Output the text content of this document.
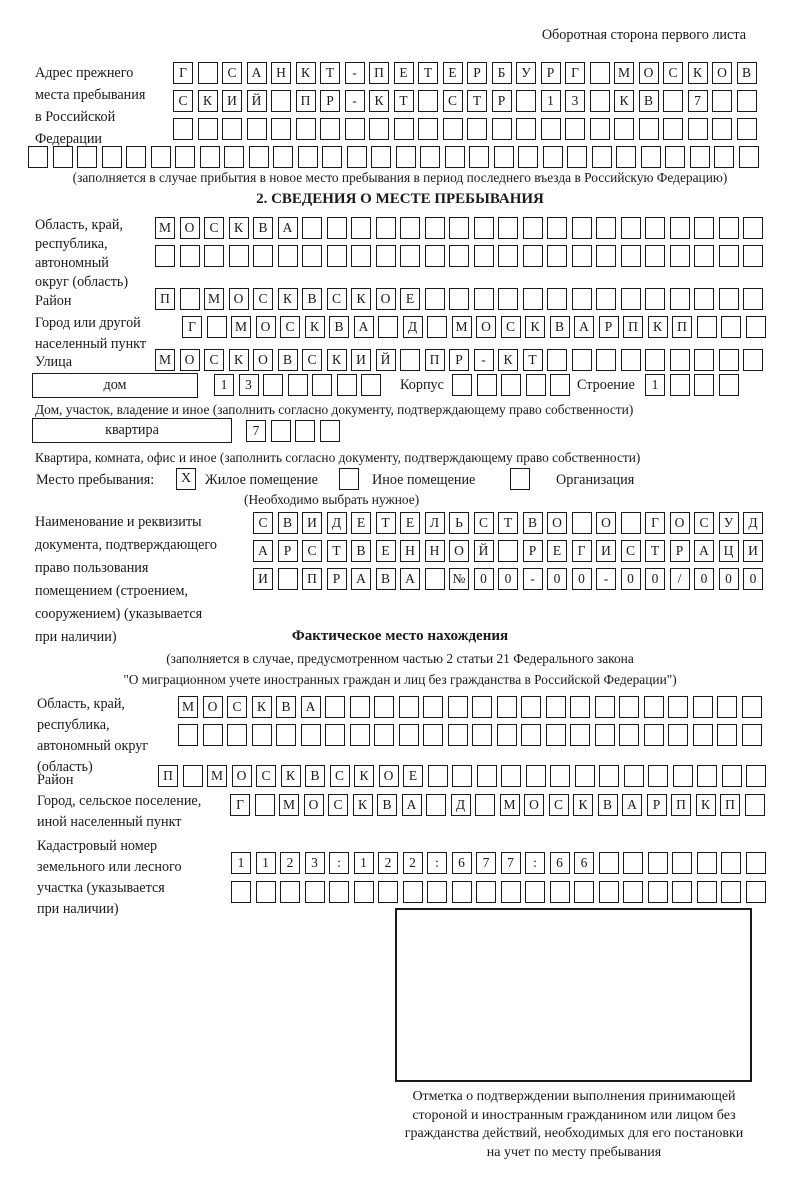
Оборотная сторона первого листа
Адрес прежнего
места пребывания
в Российской
Федерации
Г	С	А	Н	К	Т	-	П	Е	Т	Е	Р	Б	У	Р	Г	М	О	С	К	О	В
С	К	И	Й	П	Р	-	К	Т	С	Т	Р	1	3	К	В	7
(заполняется в случае прибытия в новое место пребывания в период последнего въезда в Российскую Федерацию)
2. СВЕДЕНИЯ О МЕСТЕ ПРЕБЫВАНИЯ
Область, край,
республика,
автономный
округ (область)
М	О	С	К	В	А
Район	П	М	О	С	К	В	С	К	О	Е
Город или другой
населенный пункт
Г	М	О	С	К	В	А	Д	М	О	С	К	В	А	Р	П	К	П
Улица	М	О	С	К	О	В	С	К	И	Й	П	Р	-	К	Т
дом	1	3	Корпус	Строение	1
Дом, участок, владение и иное (заполнить согласно документу, подтверждающему право собственности)
квартира	7
Квартира, комната, офис и иное (заполнить согласно документу, подтверждающему право собственности)
Место пребывания:	Х Жилое помещение	Иное помещение	Организация
(Необходимо выбрать нужное)
Наименование и реквизиты
документа, подтверждающего
право пользования
помещением (строением,
сооружением) (указывается
при наличии)
С	В	И	Д	Е	Т	Е	Л	Ь	С	Т	В	О	О	Г	О	С	У	Д
А	Р	С	Т	В	Е	Н	Н	О	Й	Р	Е	Г	И	С	Т	Р	А	Ц	И
И	П	Р	А	В	А	№	0	0	-	0	0	-	0	0	/	0	0	0
Фактическое место нахождения
(заполняется в случае, предусмотренном частью 2 статьи 21 Федерального закона
"О миграционном учете иностранных граждан и лиц без гражданства в Российской Федерации")
Область, край,
республика,
автономный округ
(область)
М	О	С	К	В	А
Район	П	М	О	С	К	В	С	К	О	Е
Город, сельское поселение,
иной населенный пункт
Г	М	О	С	К	В	А	Д	М	О	С	К	В	А	Р	П	К	П
Кадастровый номер
земельного или лесного
участка (указывается
при наличии)
1	1	2	3	:	1	2	2	:	6	7	7	:	6	6
Отметка о подтверждении выполнения принимающей
стороной и иностранным гражданином или лицом без
гражданства действий, необходимых для его постановки
на учет по месту пребывания
